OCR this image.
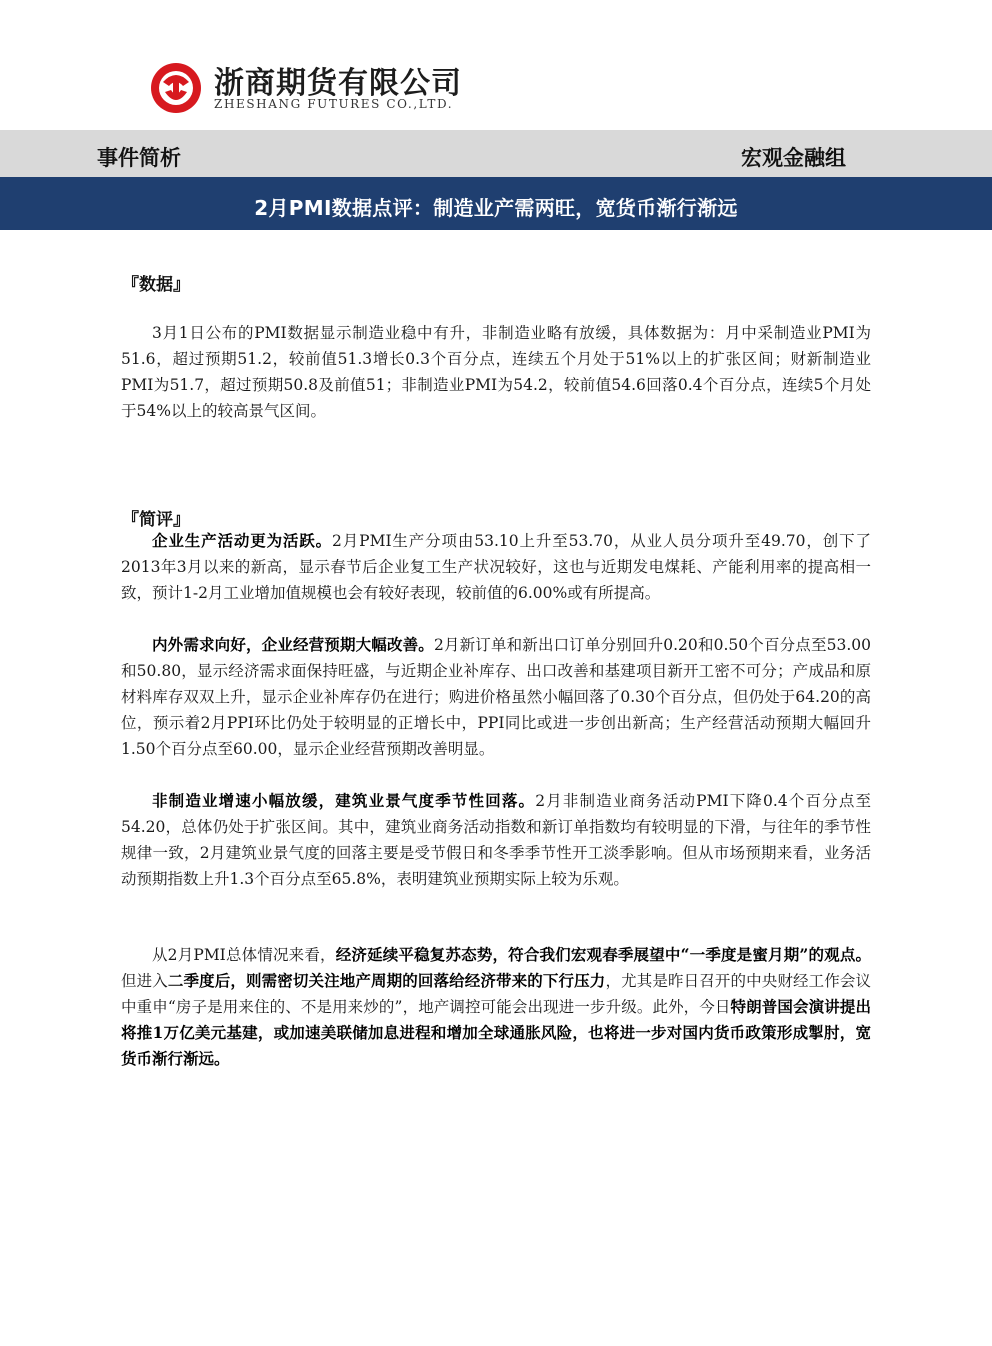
浙商期货有限公司
ZHESHANG FUTURES CO.,LTD.
事件简析	宏观金融组
2月PMI数据点评：制造业产需两旺，宽货币渐行渐远
『数据』
3月1日公布的PMI数据显示制造业稳中有升，非制造业略有放缓，具体数据为：月中采制造业PMI为51.6，超过预期51.2，较前值51.3增长0.3个百分点，连续五个月处于51%以上的扩张区间；财新制造业PMI为51.7，超过预期50.8及前值51；非制造业PMI为54.2，较前值54.6回落0.4个百分点，连续5个月处于54%以上的较高景气区间。
『简评』
企业生产活动更为活跃。2月PMI生产分项由53.10上升至53.70，从业人员分项升至49.70，创下了2013年3月以来的新高，显示春节后企业复工生产状况较好，这也与近期发电煤耗、产能利用率的提高相一致，预计1-2月工业增加值规模也会有较好表现，较前值的6.00%或有所提高。
内外需求向好，企业经营预期大幅改善。2月新订单和新出口订单分别回升0.20和0.50个百分点至53.00和50.80，显示经济需求面保持旺盛，与近期企业补库存、出口改善和基建项目新开工密不可分；产成品和原材料库存双双上升，显示企业补库存仍在进行；购进价格虽然小幅回落了0.30个百分点，但仍处于64.20的高位，预示着2月PPI环比仍处于较明显的正增长中，PPI同比或进一步创出新高；生产经营活动预期大幅回升1.50个百分点至60.00，显示企业经营预期改善明显。
非制造业增速小幅放缓，建筑业景气度季节性回落。2月非制造业商务活动PMI下降0.4个百分点至54.20，总体仍处于扩张区间。其中，建筑业商务活动指数和新订单指数均有较明显的下滑，与往年的季节性规律一致，2月建筑业景气度的回落主要是受节假日和冬季季节性开工淡季影响。但从市场预期来看，业务活动预期指数上升1.3个百分点至65.8%，表明建筑业预期实际上较为乐观。
从2月PMI总体情况来看，经济延续平稳复苏态势，符合我们宏观春季展望中“一季度是蜜月期”的观点。但进入二季度后，则需密切关注地产周期的回落给经济带来的下行压力，尤其是昨日召开的中央财经工作会议中重申“房子是用来住的、不是用来炒的”，地产调控可能会出现进一步升级。此外，今日特朗普国会演讲提出将推1万亿美元基建，或加速美联储加息进程和增加全球通胀风险，也将进一步对国内货币政策形成掣肘，宽货币渐行渐远。
